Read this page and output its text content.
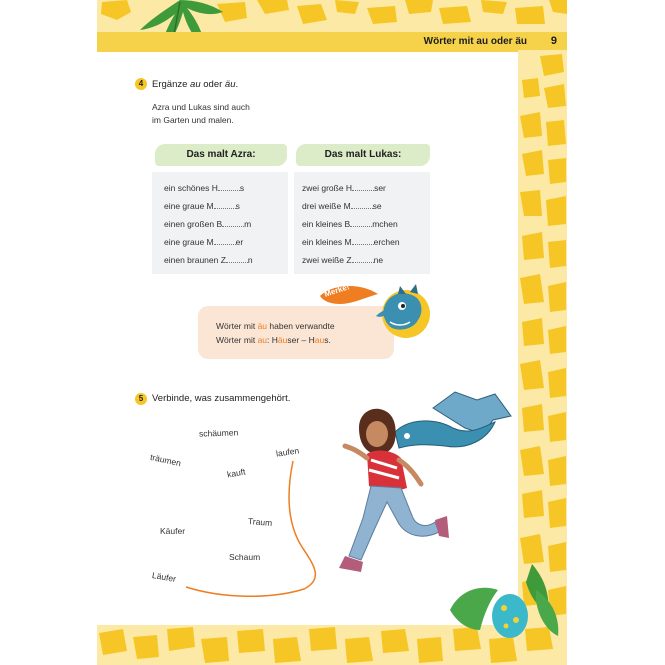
Wörter mit au oder äu 9
4 Ergänze au oder äu.
Azra und Lukas sind auch
im Garten und malen.
Das malt Azra:	Das malt Lukas:
ein schönes H	s
eine graue M	s
einen großen B	m
eine graue M	er
einen braunen Z	n
zwei große H	ser
drei weiße M	se
ein kleines B	mchen
ein kleines M	erchen
zwei weiße Z	ne
Wörter mit äu haben verwandte
Wörter mit au: Häuser – Haus.
Merke!
5 Verbinde, was zusammengehört.
schäumen
träumen
kauft
laufen
Traum
Käufer
Schaum
Läufer
